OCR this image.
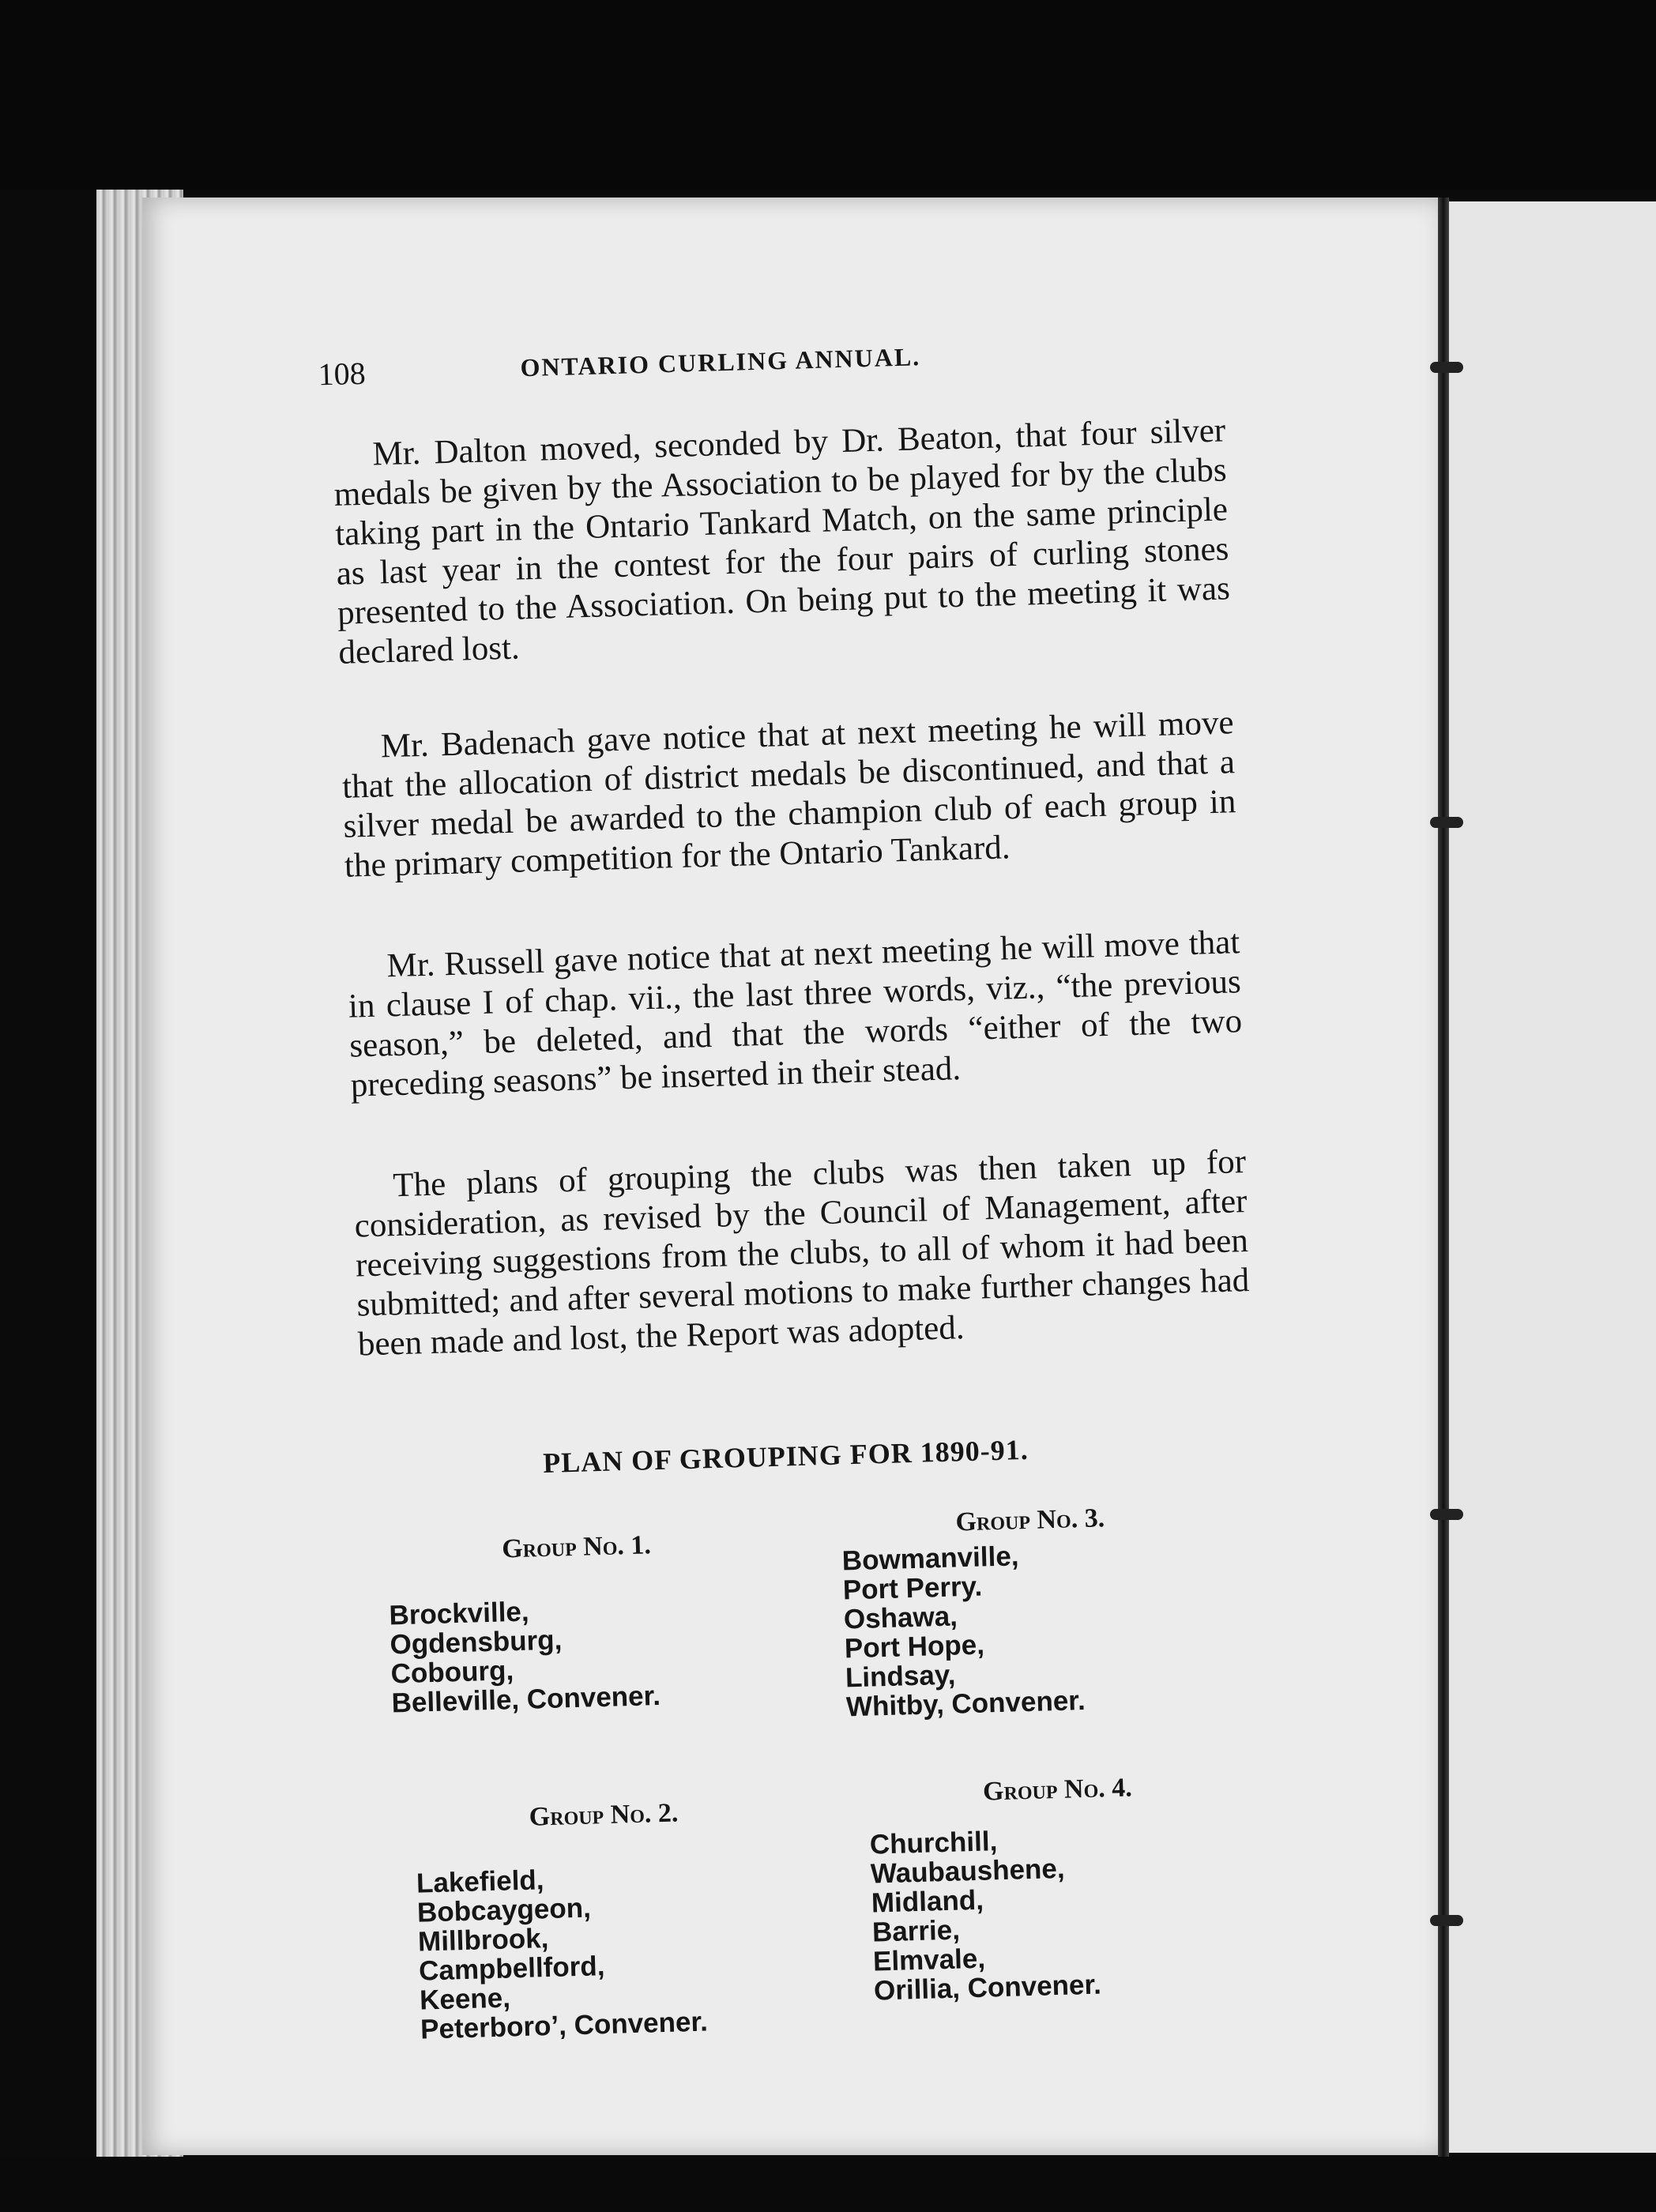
108	ONTARIO CURLING ANNUAL.

Mr. Dalton moved, seconded by Dr. Beaton, that four silver medals be given by the Association to be played for by the clubs taking part in the Ontario Tankard Match, on the same principle as last year in the contest for the four pairs of curling stones presented to the Association. On being put to the meeting it was declared lost.

Mr. Badenach gave notice that at next meeting he will move that the allocation of district medals be discontinued, and that a silver medal be awarded to the champion club of each group in the primary competition for the Ontario Tankard.

Mr. Russell gave notice that at next meeting he will move that in clause I of chap. vii., the last three words, viz., “the previous season,” be deleted, and that the words “either of the two preceding seasons” be inserted in their stead.

The plans of grouping the clubs was then taken up for consideration, as revised by the Council of Management, after receiving suggestions from the clubs, to all of whom it had been submitted; and after several motions to make further changes had been made and lost, the Report was adopted.

PLAN OF GROUPING FOR 1890-91.
Group No. 1.
Brockville,
Ogdensburg,
Cobourg,
Belleville, Convener.
Group No. 3.
Bowmanville,
Port Perry.
Oshawa,
Port Hope,
Lindsay,
Whitby, Convener.
Group No. 2.
Lakefield,
Bobcaygeon,
Millbrook,
Campbellford,
Keene,
Peterboro’, Convener.
Group No. 4.
Churchill,
Waubaushene,
Midland,
Barrie,
Elmvale,
Orillia, Convener.
